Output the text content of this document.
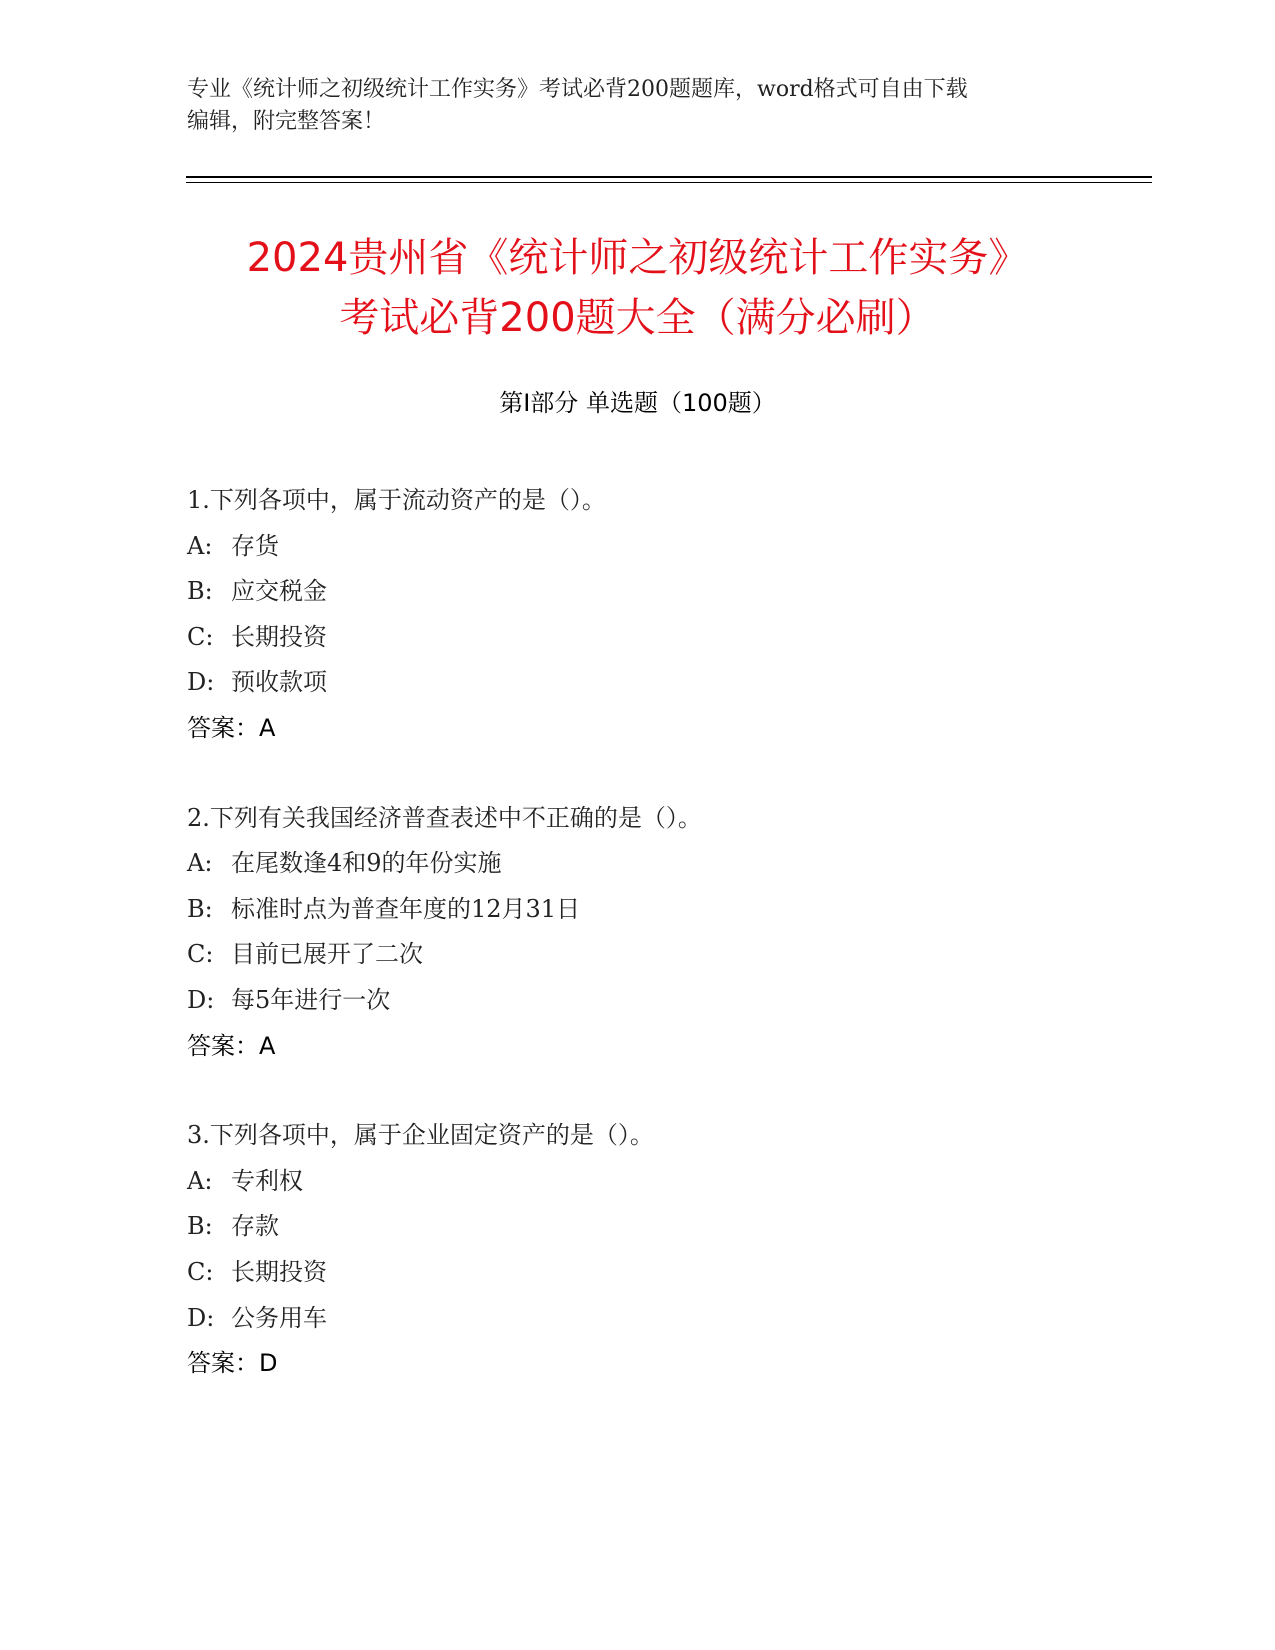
专业《统计师之初级统计工作实务》考试必背200题题库，word格式可自由下载
编辑，附完整答案！
2024贵州省《统计师之初级统计工作实务》
考试必背200题大全（满分必刷）
第Ⅰ部分 单选题（100题）
1.下列各项中，属于流动资产的是（）。
A: 存货
B: 应交税金
C: 长期投资
D: 预收款项
答案：A
2.下列有关我国经济普查表述中不正确的是（）。
A: 在尾数逢4和9的年份实施
B: 标准时点为普查年度的12月31日
C: 目前已展开了二次
D: 每5年进行一次
答案：A
3.下列各项中，属于企业固定资产的是（）。
A: 专利权
B: 存款
C: 长期投资
D: 公务用车
答案：D
